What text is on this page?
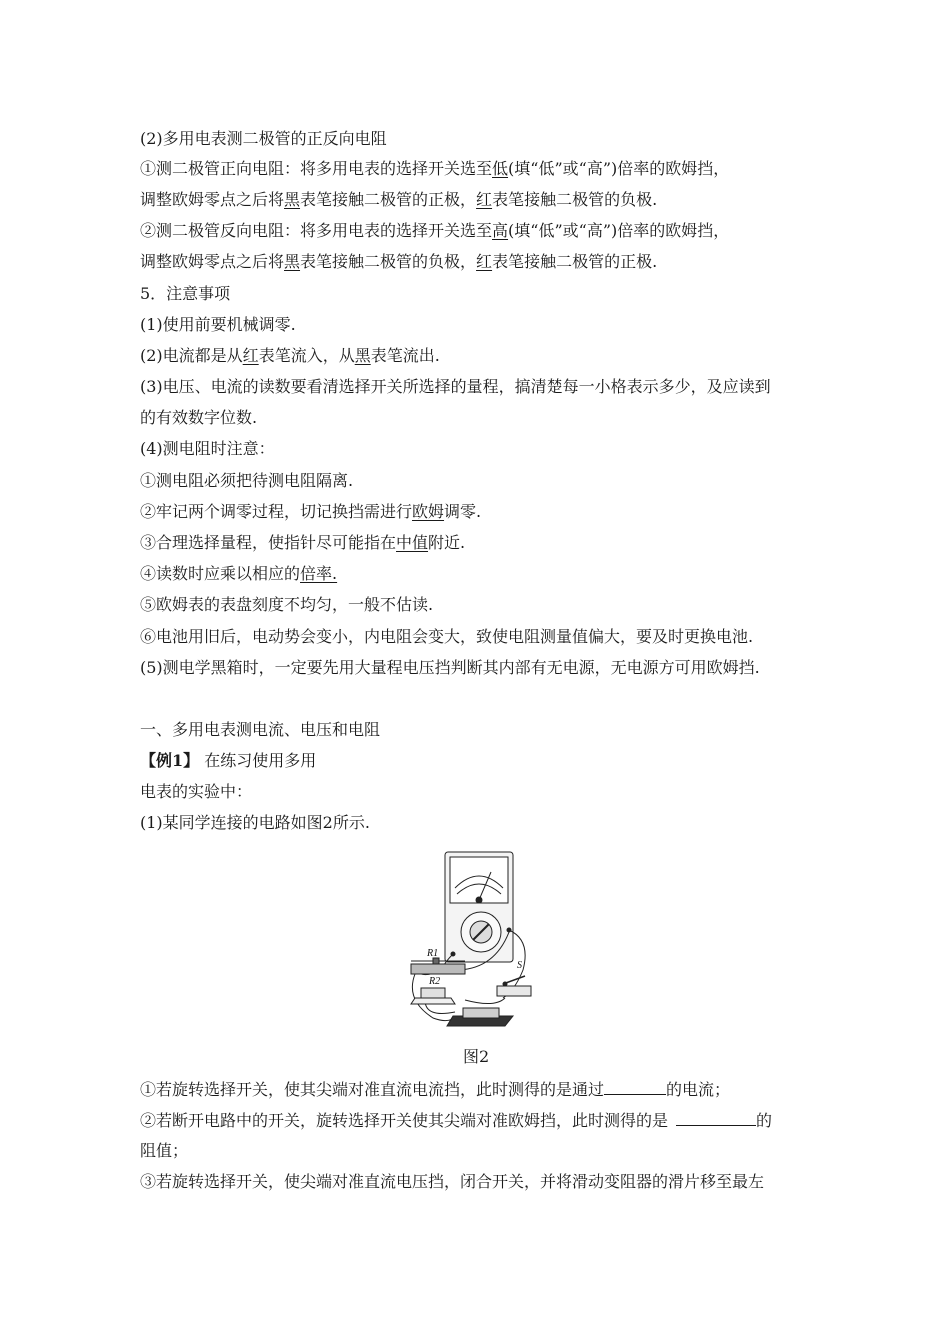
(2)多用电表测二极管的正反向电阻
①测二极管正向电阻：将多用电表的选择开关选至低(填“低”或“高”)倍率的欧姆挡，
调整欧姆零点之后将黑表笔接触二极管的正极，红表笔接触二极管的负极.
②测二极管反向电阻：将多用电表的选择开关选至高(填“低”或“高”)倍率的欧姆挡，
调整欧姆零点之后将黑表笔接触二极管的负极，红表笔接触二极管的正极.
5．注意事项
(1)使用前要机械调零.
(2)电流都是从红表笔流入，从黑表笔流出.
(3)电压、电流的读数要看清选择开关所选择的量程，搞清楚每一小格表示多少，及应读到
的有效数字位数.
(4)测电阻时注意：
①测电阻必须把待测电阻隔离.
②牢记两个调零过程，切记换挡需进行欧姆调零.
③合理选择量程，使指针尽可能指在中值附近.
④读数时应乘以相应的倍率.
⑤欧姆表的表盘刻度不均匀，一般不估读.
⑥电池用旧后，电动势会变小，内电阻会变大，致使电阻测量值偏大，要及时更换电池.
(5)测电学黑箱时，一定要先用大量程电压挡判断其内部有无电源，无电源方可用欧姆挡.
一、多用电表测电流、电压和电阻
【例1】 在练习使用多用
电表的实验中：
(1)某同学连接的电路如图2所示.
R1
R2
S
图2
①若旋转选择开关，使其尖端对准直流电流挡，此时测得的是通过	的电流；
②若断开电路中的开关，旋转选择开关使其尖端对准欧姆挡，此时测得的是	的
阻值；
③若旋转选择开关，使尖端对准直流电压挡，闭合开关，并将滑动变阻器的滑片移至最左
